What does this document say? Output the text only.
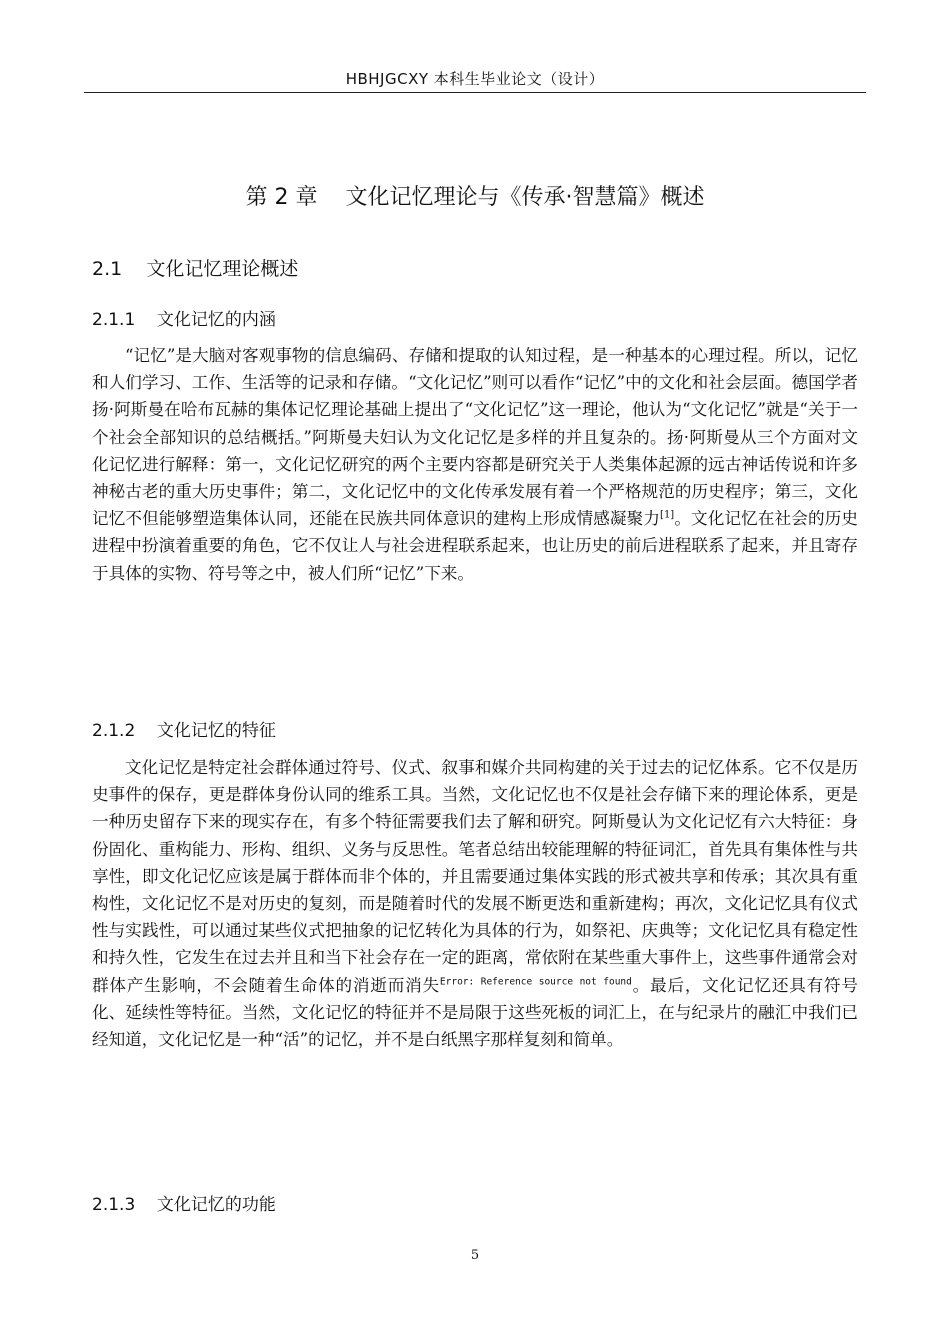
HBHJGCXY 本科生毕业论文（设计）
第 2 章    文化记忆理论与《传承·智慧篇》概述
2.1    文化记忆理论概述
2.1.1    文化记忆的内涵
“记忆”是大脑对客观事物的信息编码、存储和提取的认知过程，是一种基本的心理过程。所以，记忆和人们学习、工作、生活等的记录和存储。“文化记忆”则可以看作“记忆”中的文化和社会层面。德国学者扬·阿斯曼在哈布瓦赫的集体记忆理论基础上提出了“文化记忆”这一理论，他认为“文化记忆”就是“关于一个社会全部知识的总结概括。”阿斯曼夫妇认为文化记忆是多样的并且复杂的。扬·阿斯曼从三个方面对文化记忆进行解释：第一，文化记忆研究的两个主要内容都是研究关于人类集体起源的远古神话传说和许多神秘古老的重大历史事件；第二，文化记忆中的文化传承发展有着一个严格规范的历史程序；第三，文化记忆不但能够塑造集体认同，还能在民族共同体意识的建构上形成情感凝聚力[1]。文化记忆在社会的历史进程中扮演着重要的角色，它不仅让人与社会进程联系起来，也让历史的前后进程联系了起来，并且寄存于具体的实物、符号等之中，被人们所“记忆”下来。
2.1.2    文化记忆的特征
文化记忆是特定社会群体通过符号、仪式、叙事和媒介共同构建的关于过去的记忆体系。它不仅是历史事件的保存，更是群体身份认同的维系工具。当然，文化记忆也不仅是社会存储下来的理论体系，更是一种历史留存下来的现实存在，有多个特征需要我们去了解和研究。阿斯曼认为文化记忆有六大特征：身份固化、重构能力、形构、组织、义务与反思性。笔者总结出较能理解的特征词汇，首先具有集体性与共享性，即文化记忆应该是属于群体而非个体的，并且需要通过集体实践的形式被共享和传承；其次具有重构性，文化记忆不是对历史的复刻，而是随着时代的发展不断更迭和重新建构；再次，文化记忆具有仪式性与实践性，可以通过某些仪式把抽象的记忆转化为具体的行为，如祭祀、庆典等；文化记忆具有稳定性和持久性，它发生在过去并且和当下社会存在一定的距离，常依附在某些重大事件上，这些事件通常会对群体产生影响，不会随着生命体的消逝而消失$^{Error: Reference source not found}$。最后，文化记忆还具有符号化、延续性等特征。当然，文化记忆的特征并不是局限于这些死板的词汇上，在与纪录片的融汇中我们已经知道，文化记忆是一种“活”的记忆，并不是白纸黑字那样复刻和简单。
2.1.3    文化记忆的功能
5
